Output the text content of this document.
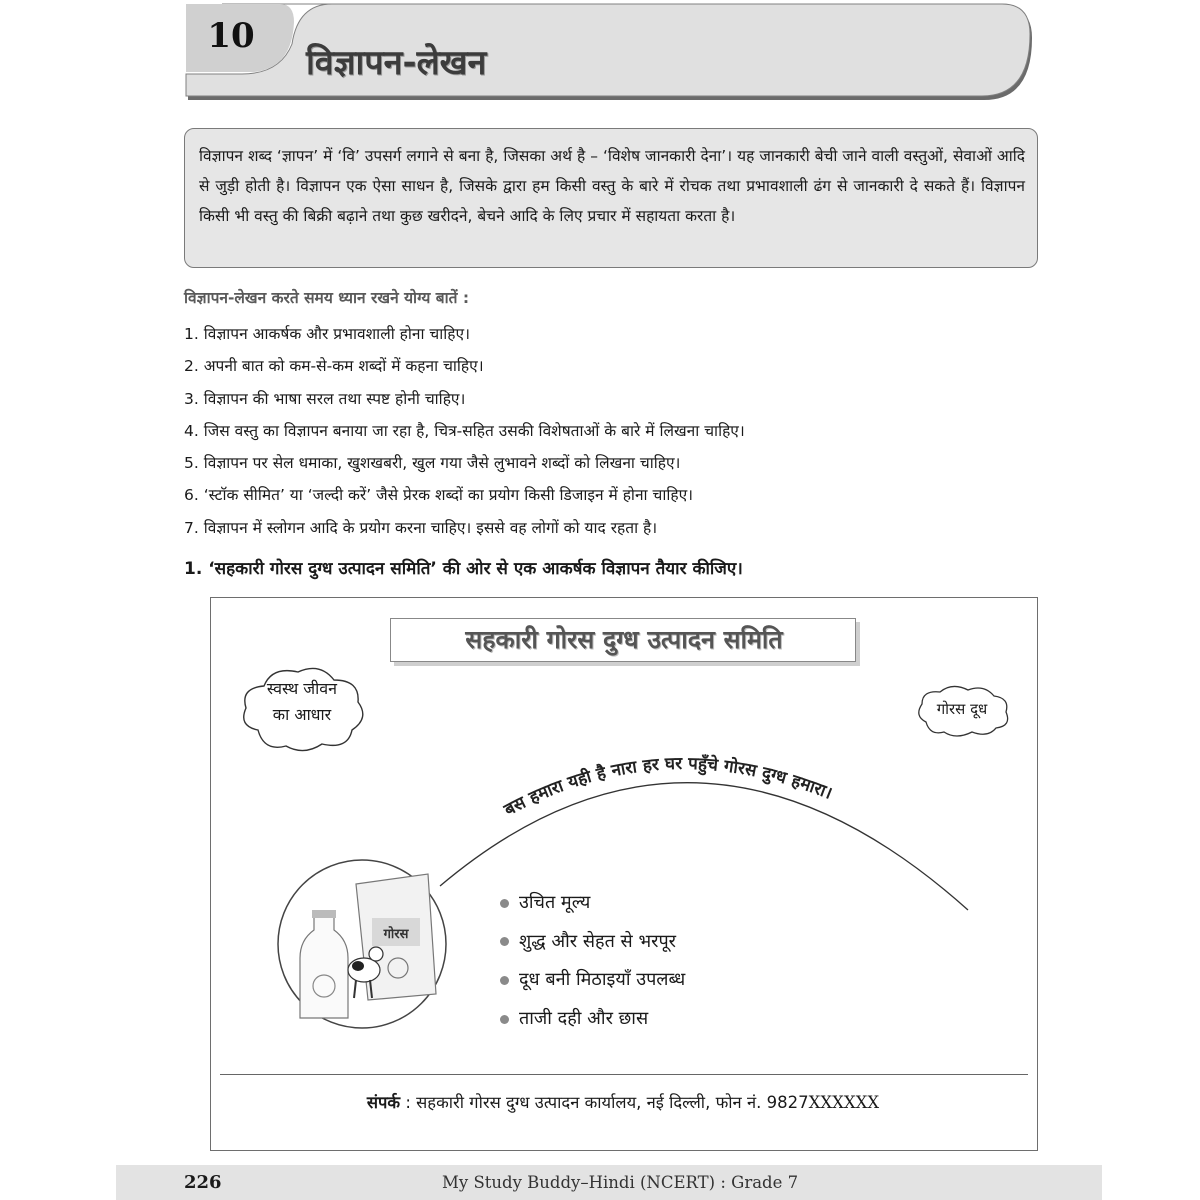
10
विज्ञापन-लेखन
विज्ञापन शब्द ‘ज्ञापन’ में ‘वि’ उपसर्ग लगाने से बना है, जिसका अर्थ है – ‘विशेष जानकारी देना’। यह जानकारी बेची जाने वाली वस्तुओं, सेवाओं आदि से जुड़ी होती है। विज्ञापन एक ऐसा साधन है, जिसके द्वारा हम किसी वस्तु के बारे में रोचक तथा प्रभावशाली ढंग से जानकारी दे सकते हैं। विज्ञापन किसी भी वस्तु की बिक्री बढ़ाने तथा कुछ खरीदने, बेचने आदि के लिए प्रचार में सहायता करता है।
विज्ञापन-लेखन करते समय ध्यान रखने योग्य बातें :
1. विज्ञापन आकर्षक और प्रभावशाली होना चाहिए।
2. अपनी बात को कम-से-कम शब्दों में कहना चाहिए।
3. विज्ञापन की भाषा सरल तथा स्पष्ट होनी चाहिए।
4. जिस वस्तु का विज्ञापन बनाया जा रहा है, चित्र-सहित उसकी विशेषताओं के बारे में लिखना चाहिए।
5. विज्ञापन पर सेल धमाका, खुशखबरी, खुल गया जैसे लुभावने शब्दों को लिखना चाहिए।
6. ‘स्टॉक सीमित’ या ‘जल्दी करें’ जैसे प्रेरक शब्दों का प्रयोग किसी डिजाइन में होना चाहिए।
7. विज्ञापन में स्लोगन आदि के प्रयोग करना चाहिए। इससे वह लोगों को याद रहता है।
1. ‘सहकारी गोरस दुग्ध उत्पादन समिति’ की ओर से एक आकर्षक विज्ञापन तैयार कीजिए।
सहकारी गोरस दुग्ध उत्पादन समिति
स्वस्थ जीवन
का आधार	गोरस दूध
बस हमारा यही है नारा हर घर पहुँचे गोरस दुग्ध हमारा।
गोरस
उचित मूल्य
शुद्ध और सेहत से भरपूर
दूध बनी मिठाइयाँ उपलब्ध
ताजी दही और छास
संपर्क : सहकारी गोरस दुग्ध उत्पादन कार्यालय, नई दिल्ली, फोन नं. 9827XXXXXX
226	My Study Buddy–Hindi (NCERT) : Grade 7
